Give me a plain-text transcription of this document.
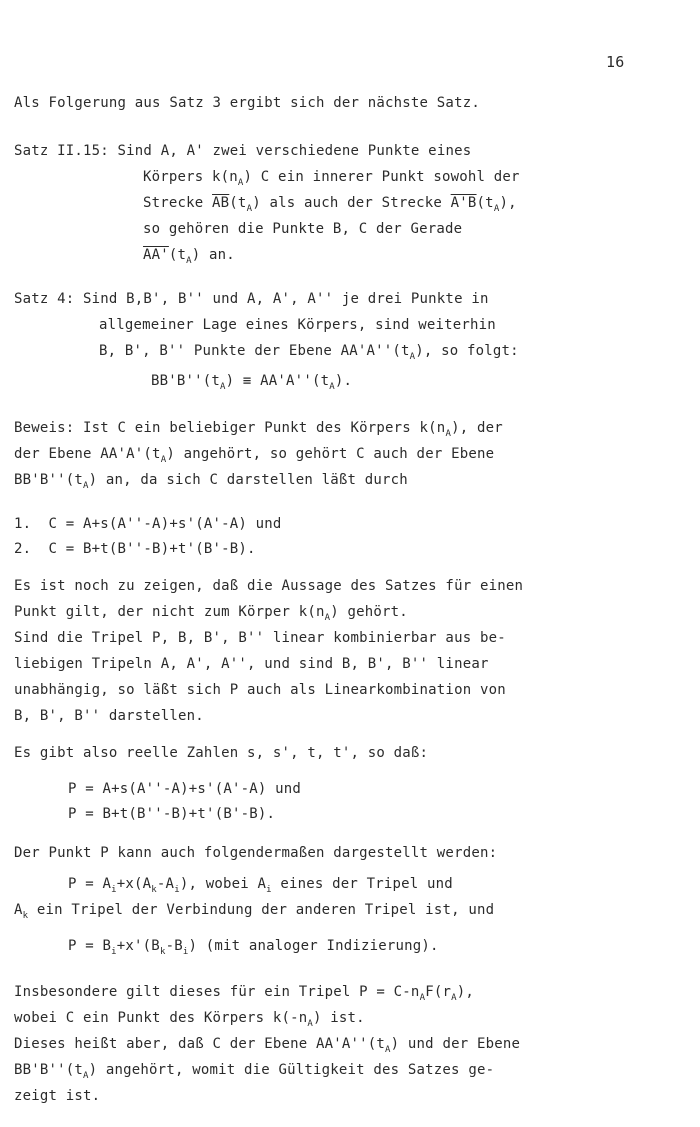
16
Als Folgerung aus Satz 3 ergibt sich der nächste Satz.
Satz II.15: Sind A, A' zwei verschiedene Punkte eines
Körpers $k(n_A)$ C ein innerer Punkt sowohl der
Strecke $\overline{AB}(t_A)$ als auch der Strecke $A'B(t_A)$,
so gehören die Punkte B, C der Gerade
$AA'(t_A)$ an.
Satz 4: Sind B,B', B'' und A, A', A'' je drei Punkte in
allgemeiner Lage eines Körpers, sind weiterhin
B, B', B'' Punkte der Ebene $AA'A''(t_A)$, so folgt:
$BB'B''(t_A) \equiv AA'A''(t_A)$.
Beweis: Ist C ein beliebiger Punkt des Körpers $k(n_A)$, der
der Ebene $AA'A'(t_A)$ angehört, so gehört C auch der Ebene
$BB'B''(t_A)$ an, da sich C darstellen läßt durch
1.  C = A+s(A''-A)+s'(A'-A) und
2.  C = B+t(B''-B)+t'(B'-B).
Es ist noch zu zeigen, daß die Aussage des Satzes für einen
Punkt gilt, der nicht zum Körper $k(n_A)$ gehört.
Sind die Tripel P, B, B', B'' linear kombinierbar aus be-
liebigen Tripeln A, A', A'', und sind B, B', B'' linear
unabhängig, so läßt sich P auch als Linearkombination von
B, B', B'' darstellen.
Es gibt also reelle Zahlen s, s', t, t', so daß:
P = A+s(A''-A)+s'(A'-A) und
P = B+t(B''-B)+t'(B'-B).
Der Punkt P kann auch folgendermaßen dargestellt werden:
$P = A_i+x(A_k-A_i)$, wobei $A_i$ eines der Tripel und
$A_k$ ein Tripel der Verbindung der anderen Tripel ist, und
$P = B_i+x'(B_k-B_i)$ (mit analoger Indizierung).
Insbesondere gilt dieses für ein Tripel $P = C-n_AF(r_A)$,
wobei C ein Punkt des Körpers $k(-n_A)$ ist.
Dieses heißt aber, daß C der Ebene $AA'A''(t_A)$ und der Ebene
$BB'B''(t_A)$ angehört, womit die Gültigkeit des Satzes ge-
zeigt ist.
